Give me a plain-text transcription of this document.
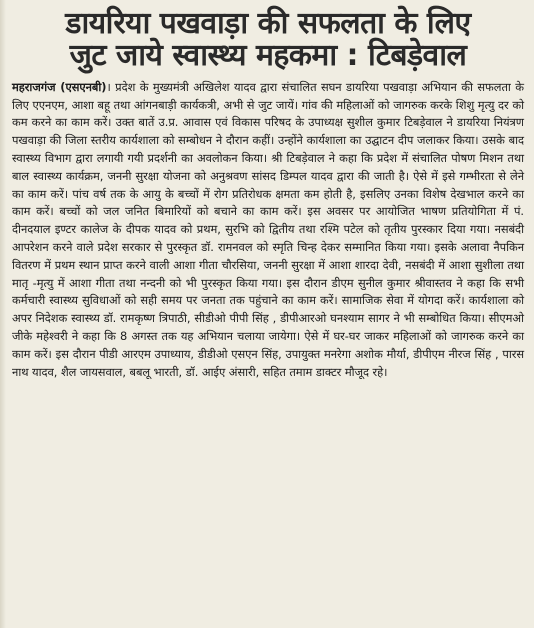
डायरिया पखवाड़ा की सफलता के लिए
जुट जाये स्वास्थ्य महकमा : टिबड़ेवाल

महराजगंज (एसएनबी)। प्रदेश के मुख्यमंत्री अखिलेश यादव द्वारा संचालित सघन डायरिया पखवाड़ा अभियान की सफलता के लिए एएनएम, आशा बहू तथा आंगनबाड़ी कार्यकत्री, अभी से जुट जायें। गांव की महिलाओं को जागरुक करके शिशु मृत्यु दर को कम करने का काम करें। उक्त बातें उ.प्र. आवास एवं विकास परिषद के उपाध्यक्ष सुशील कुमार टिबड़ेवाल ने डायरिया नियंत्रण पखवाड़ा की जिला स्तरीय कार्यशाला को सम्बोधन ने दौरान कहीं। उन्होंने कार्यशाला का उद्घाटन दीप जलाकर किया। उसके बाद स्वास्थ्य विभाग द्वारा लगायी गयी प्रदर्शनी का अवलोकन किया। श्री टिबड़ेवाल ने कहा कि प्रदेश में संचालित पोषण मिशन तथा बाल स्वास्थ्य कार्यक्रम, जननी सुरक्षा योजना को अनुश्रवण सांसद डिम्पल यादव द्वारा की जाती है। ऐसे में इसे गम्भीरता से लेने का काम करें। पांच वर्ष तक के आयु के बच्चों में रोग प्रतिरोधक क्षमता कम होती है, इसलिए उनका विशेष देखभाल करने का काम करें। बच्चों को जल जनित बिमारियों को बचाने का काम करें। इस अवसर पर आयोजित भाषण प्रतियोगिता में पं. दीनदयाल इण्टर कालेज के दीपक यादव को प्रथम, सुरभि को द्वितीय तथा रश्मि पटेल को तृतीय पुरस्कार दिया गया। नसबंदी आपरेशन करने वाले प्रदेश सरकार से पुरस्कृत डॉ. रामनवल को स्मृति चिन्ह देकर सम्मानित किया गया। इसके अलावा नैपकिन वितरण में प्रथम स्थान प्राप्त करने वाली आशा गीता चौरसिया, जननी सुरक्षा में आशा शारदा देवी, नसबंदी में आशा सुशीला तथा मातृ -मृत्यु में आशा गीता तथा नन्दनी को भी पुरस्कृत किया गया। इस दौरान डीएम सुनील कुमार श्रीवास्तव ने कहा कि सभी कर्मचारी स्वास्थ्य सुविधाओं को सही समय पर जनता तक पहुंचाने का काम करें। सामाजिक सेवा में योगदा करें। कार्यशाला को अपर निदेशक स्वास्थ्य डॉ. रामकृष्ण त्रिपाठी, सीडीओ पीपी सिंह , डीपीआरओ घनश्याम सागर ने भी सम्बोधित किया। सीएमओ जीके महेश्वरी ने कहा कि 8 अगस्त तक यह अभियान चलाया जायेगा। ऐसे में घर-घर जाकर महिलाओं को जागरुक करने का काम करें। इस दौरान पीडी आरएम उपाध्याय, डीडीओ एसएन सिंह, उपायुक्त मनरेगा अशोक मौर्या, डीपीएम नीरज सिंह , पारस नाथ यादव, शैल जायसवाल, बबलू भारती, डॉ. आईए अंसारी, सहित तमाम डाक्टर मौजूद रहे।
